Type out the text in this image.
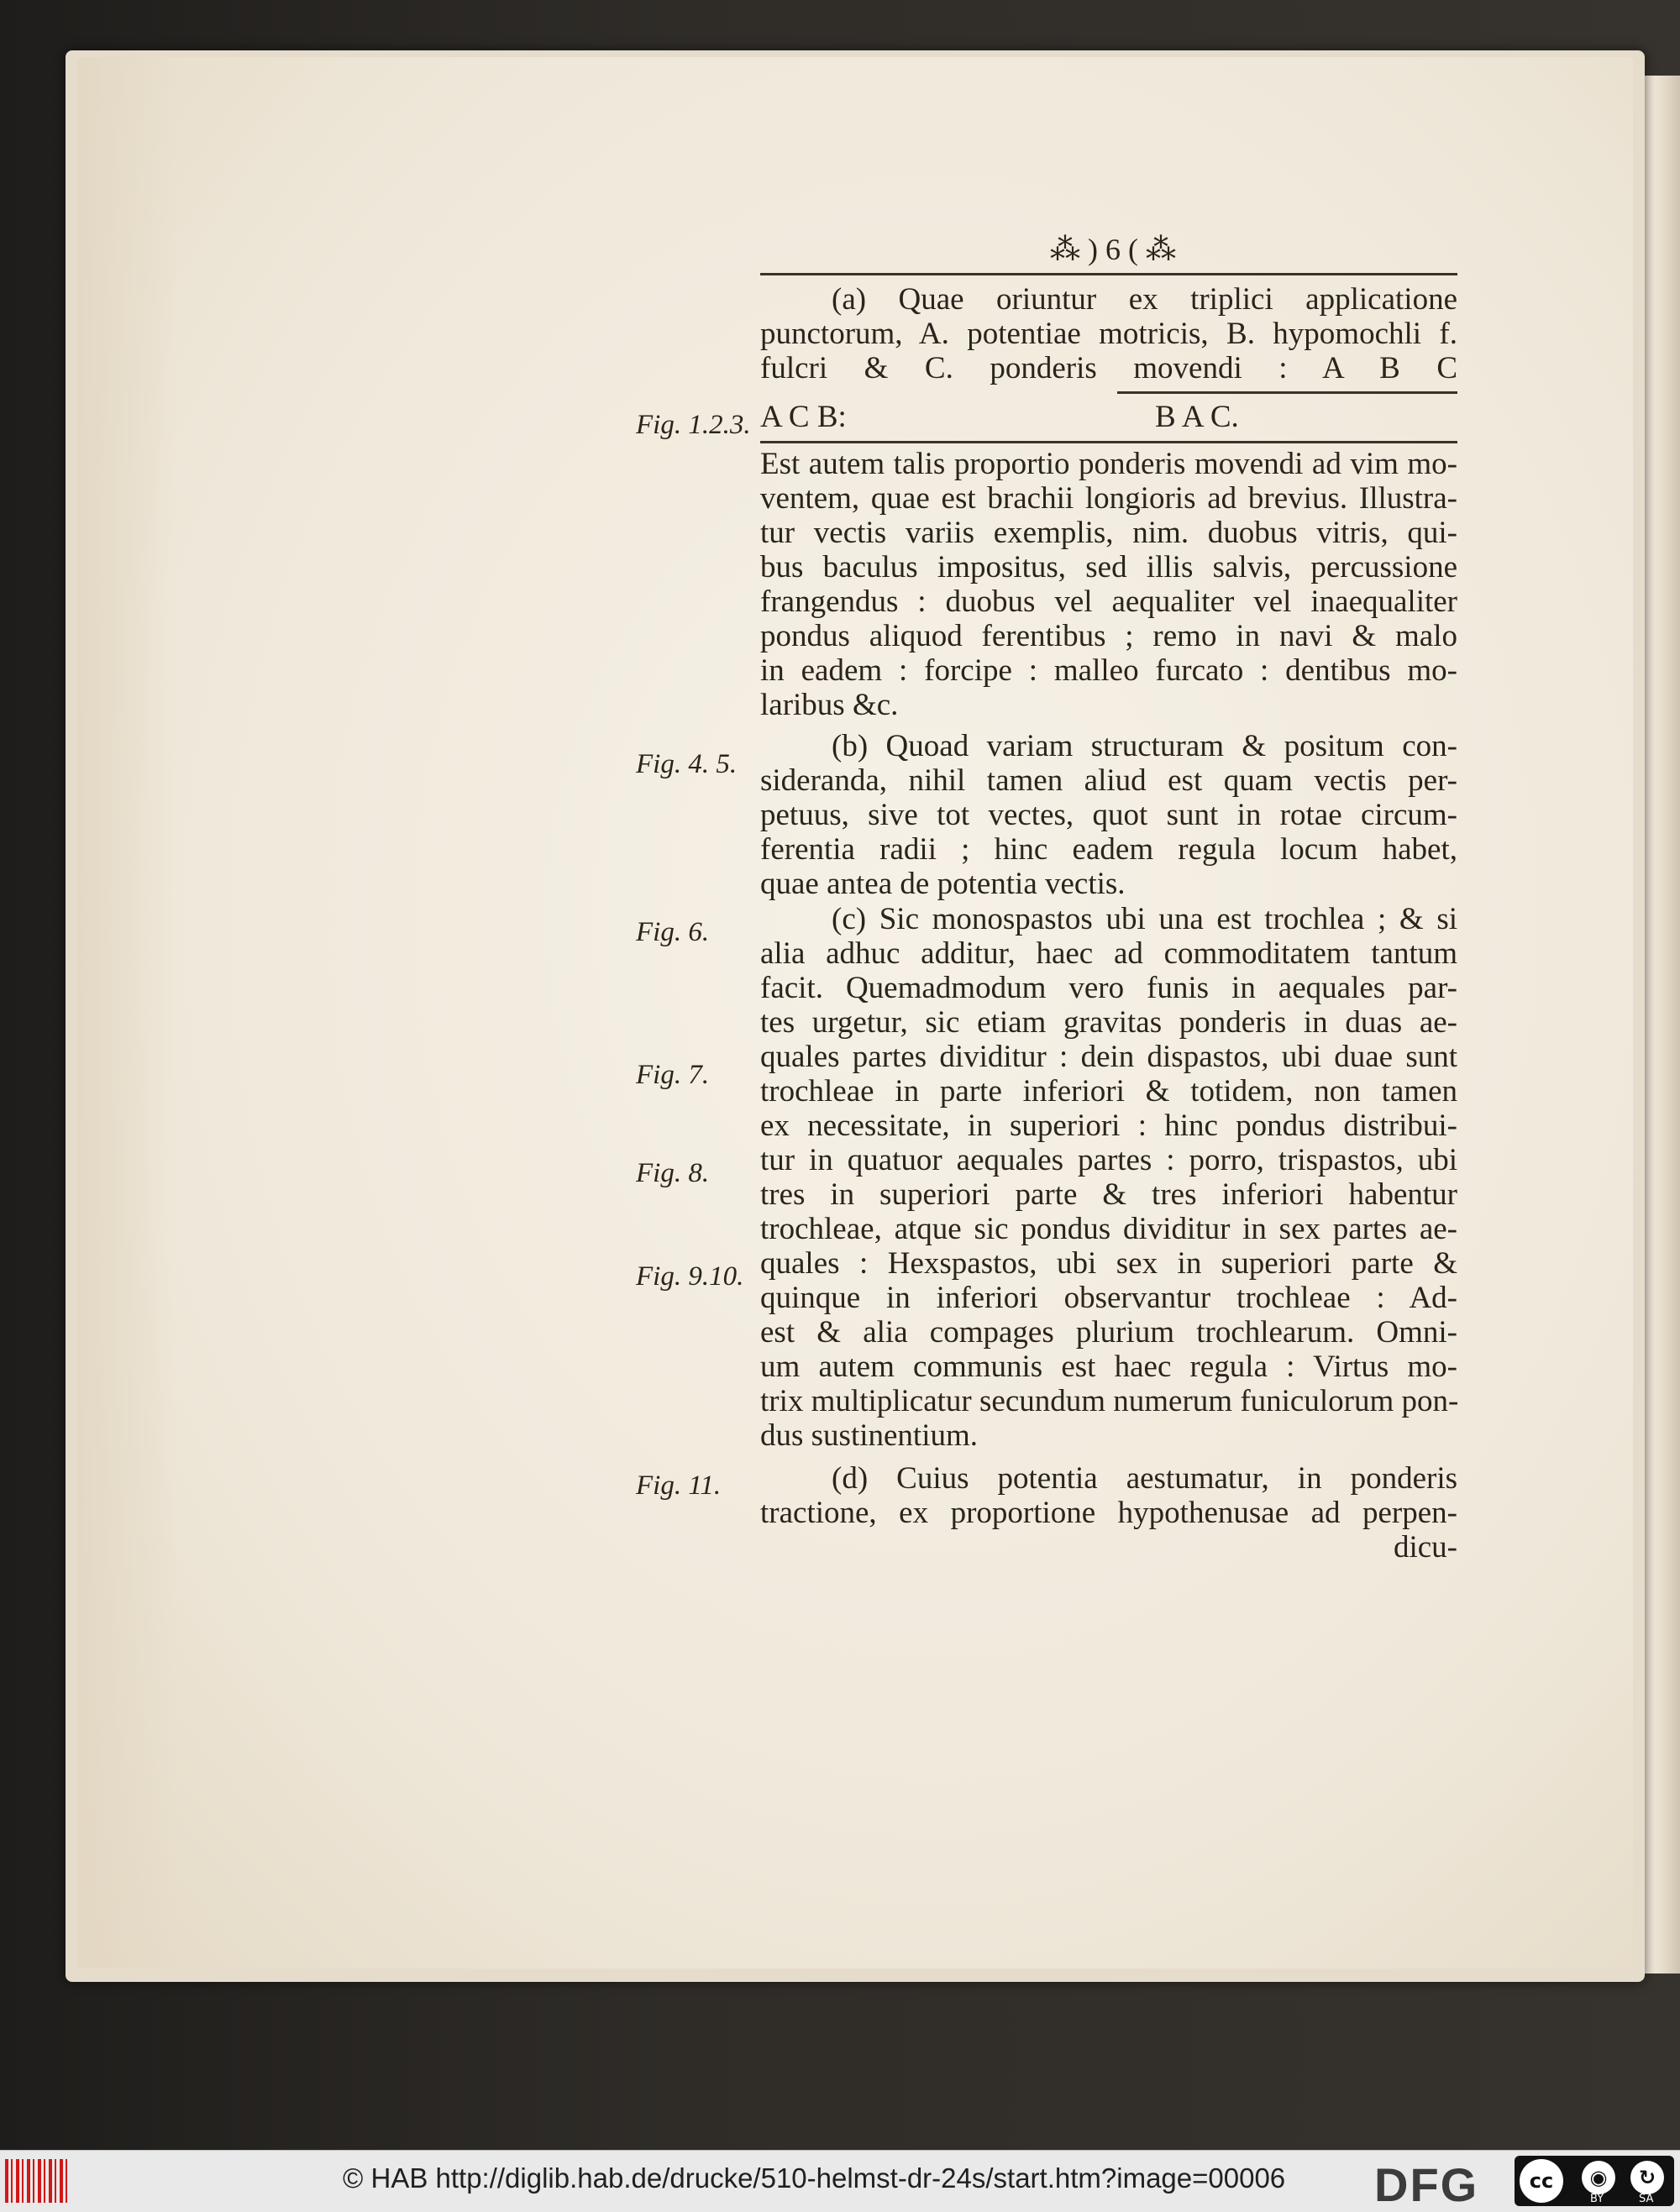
⁂ ) 6 ( ⁂
(a) Quae oriuntur ex triplici applicatione
punctorum, A. potentiae motricis, B. hypomochli f.
fulcri & C. ponderis movendi : A B C
Fig. 1.2.3. A C B:	B A C.
Est autem talis proportio ponderis movendi ad vim mo-
ventem, quae est brachii longioris ad brevius. Illustra-
tur vectis variis exemplis, nim. duobus vitris, qui-
bus baculus impositus, sed illis salvis, percussione
frangendus : duobus vel aequaliter vel inaequaliter
pondus aliquod ferentibus ; remo in navi & malo
in eadem : forcipe : malleo furcato : dentibus mo-
laribus &c.
Fig. 4. 5.
(b) Quoad variam structuram & positum con-
sideranda, nihil tamen aliud est quam vectis per-
petuus, sive tot vectes, quot sunt in rotae circum-
ferentia radii ; hinc eadem regula locum habet,
quae antea de potentia vectis.
Fig. 6.
Fig. 7.
Fig. 8.
Fig. 9.10.
(c) Sic monospastos ubi una est trochlea ; & si
alia adhuc additur, haec ad commoditatem tantum
facit. Quemadmodum vero funis in aequales par-
tes urgetur, sic etiam gravitas ponderis in duas ae-
quales partes dividitur : dein dispastos, ubi duae sunt
trochleae in parte inferiori & totidem, non tamen
ex necessitate, in superiori : hinc pondus distribui-
tur in quatuor aequales partes : porro, trispastos, ubi
tres in superiori parte & tres inferiori habentur
trochleae, atque sic pondus dividitur in sex partes ae-
quales : Hexspastos, ubi sex in superiori parte &
quinque in inferiori observantur trochleae : Ad-
est & alia compages plurium trochlearum. Omni-
um autem communis est haec regula : Virtus mo-
trix multiplicatur secundum numerum funiculorum pon-
dus sustinentium.
Fig. 11.	(d) Cuius potentia aestumatur, in ponderis
tractione, ex proportione hypothenusae ad perpen-
dicu-
© HAB http://diglib.hab.de/drucke/510-helmst-dr-24s/start.htm?image=00006 DFG	cc	◉	↻
BY	SA
